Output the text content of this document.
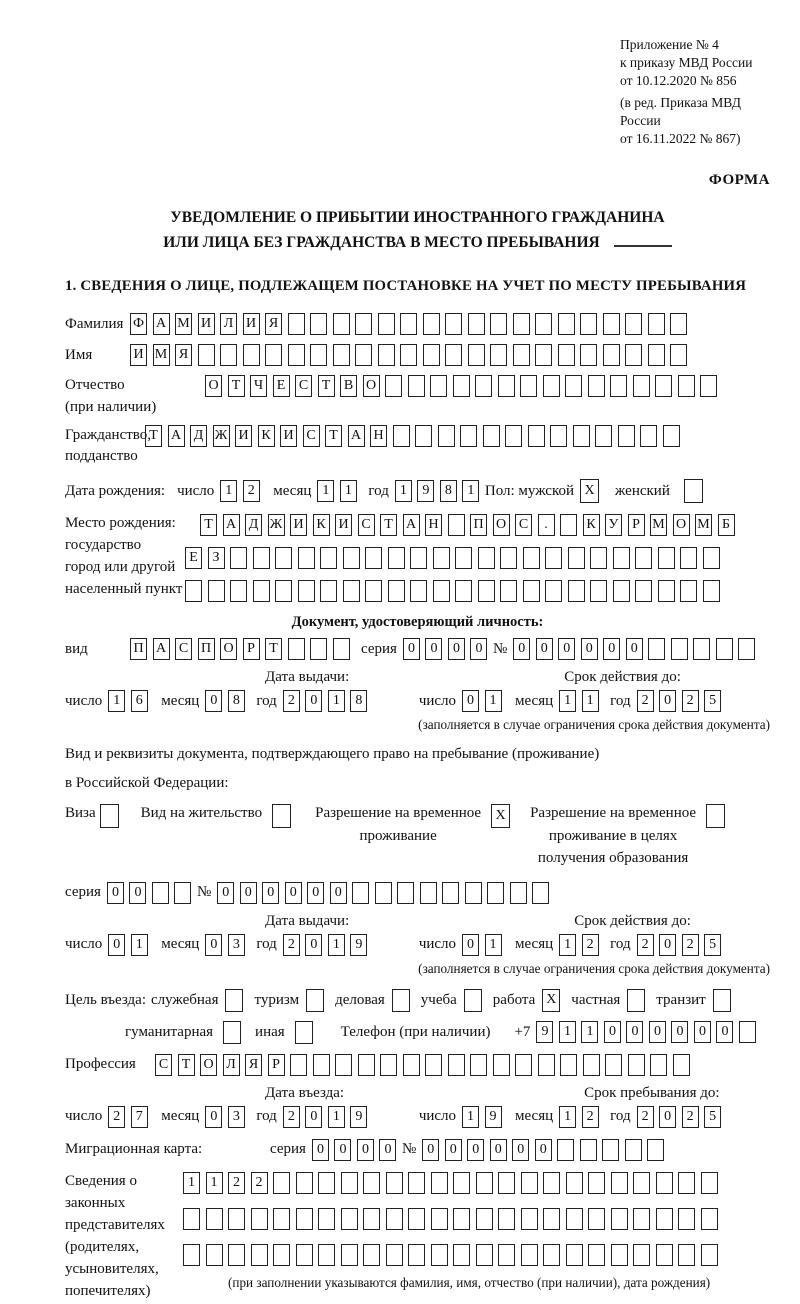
Приложение № 4
к приказу МВД России
от 10.12.2020 № 856
(в ред. Приказа МВД России
от 16.11.2022 № 867)
ФОРМА
УВЕДОМЛЕНИЕ О ПРИБЫТИИ ИНОСТРАННОГО ГРАЖДАНИНА
ИЛИ ЛИЦА БЕЗ ГРАЖДАНСТВА В МЕСТО ПРЕБЫВАНИЯ
1. СВЕДЕНИЯ О ЛИЦЕ, ПОДЛЕЖАЩЕМ ПОСТАНОВКЕ НА УЧЕТ ПО МЕСТУ ПРЕБЫВАНИЯ
Фамилия Ф А М И Л И Я
Имя	И М Я
Отчество
(при наличии)
О Т Ч Е С Т В О
Гражданство,
подданство
Т А Д Ж И К И С Т А Н
Дата рождения: число 1	2	месяц 1	1	год 1	9	8	1 Пол: мужской X женский
Место рождения:
государство
город или другой
населенный пункт
Т А Д Ж И К И С Т А Н П О С	.	К У Р М О М Б
Е	З
Документ, удостоверяющий личность:
вид	П А С П О Р	Т	серия 0	0	0	0 № 0	0	0	0	0	0
Дата выдачи:	Срок действия до:
число 1	6	месяц 0	8	год 2	0	1	8	число 0	1	месяц 1	1	год 2	0	2	5
(заполняется в случае ограничения срока действия документа)
Вид и реквизиты документа, подтверждающего право на пребывание (проживание)
в Российской Федерации:
Виза	Вид на жительство	Разрешение на временное
проживание
X Разрешение на временное
проживание в целях
получения образования
серия 0	0	№ 0	0	0	0	0	0
Дата выдачи:	Срок действия до:
число 0	1	месяц 0	3	год 2	0	1	9	число 0	1	месяц 1	2	год 2	0	2	5
(заполняется в случае ограничения срока действия документа)
Цель въезда: служебная туризм деловая учеба работа X частная транзит
гуманитарная	иная	Телефон (при наличии) +7 9	1	1	0	0	0	0	0	0
Профессия	С Т О Л Я Р
Дата въезда:	Срок пребывания до:
число 2	7	месяц 0	3	год 2	0	1	9	число 1	9	месяц 1	2	год 2	0	2	5
Миграционная карта:	серия 0	0	0	0 № 0	0	0	0	0	0
Сведения о
законных
представителях
(родителях,
усыновителях,
попечителях)
1	1	2	2
(при заполнении указываются фамилия, имя, отчество (при наличии), дата рождения)
